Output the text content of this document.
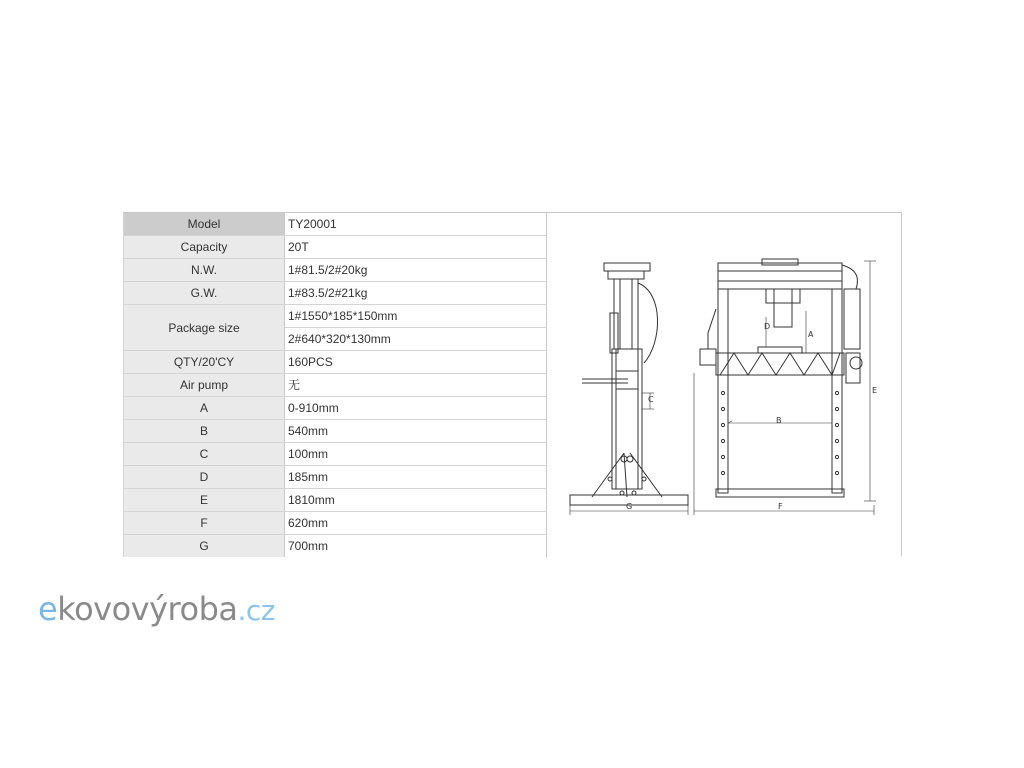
Model	TY20001
Capacity	20T
N.W.	1#81.5/2#20kg
G.W.	1#83.5/2#21kg
Package size	1#1550*185*150mm
	2#640*320*130mm
QTY/20'CY	160PCS
Air pump	无
A	0-910mm
B	540mm
C	100mm
D	185mm
E	1810mm
F	620mm
G	700mm
C
G
A
B
D
E
F
e kovovýroba .cz
